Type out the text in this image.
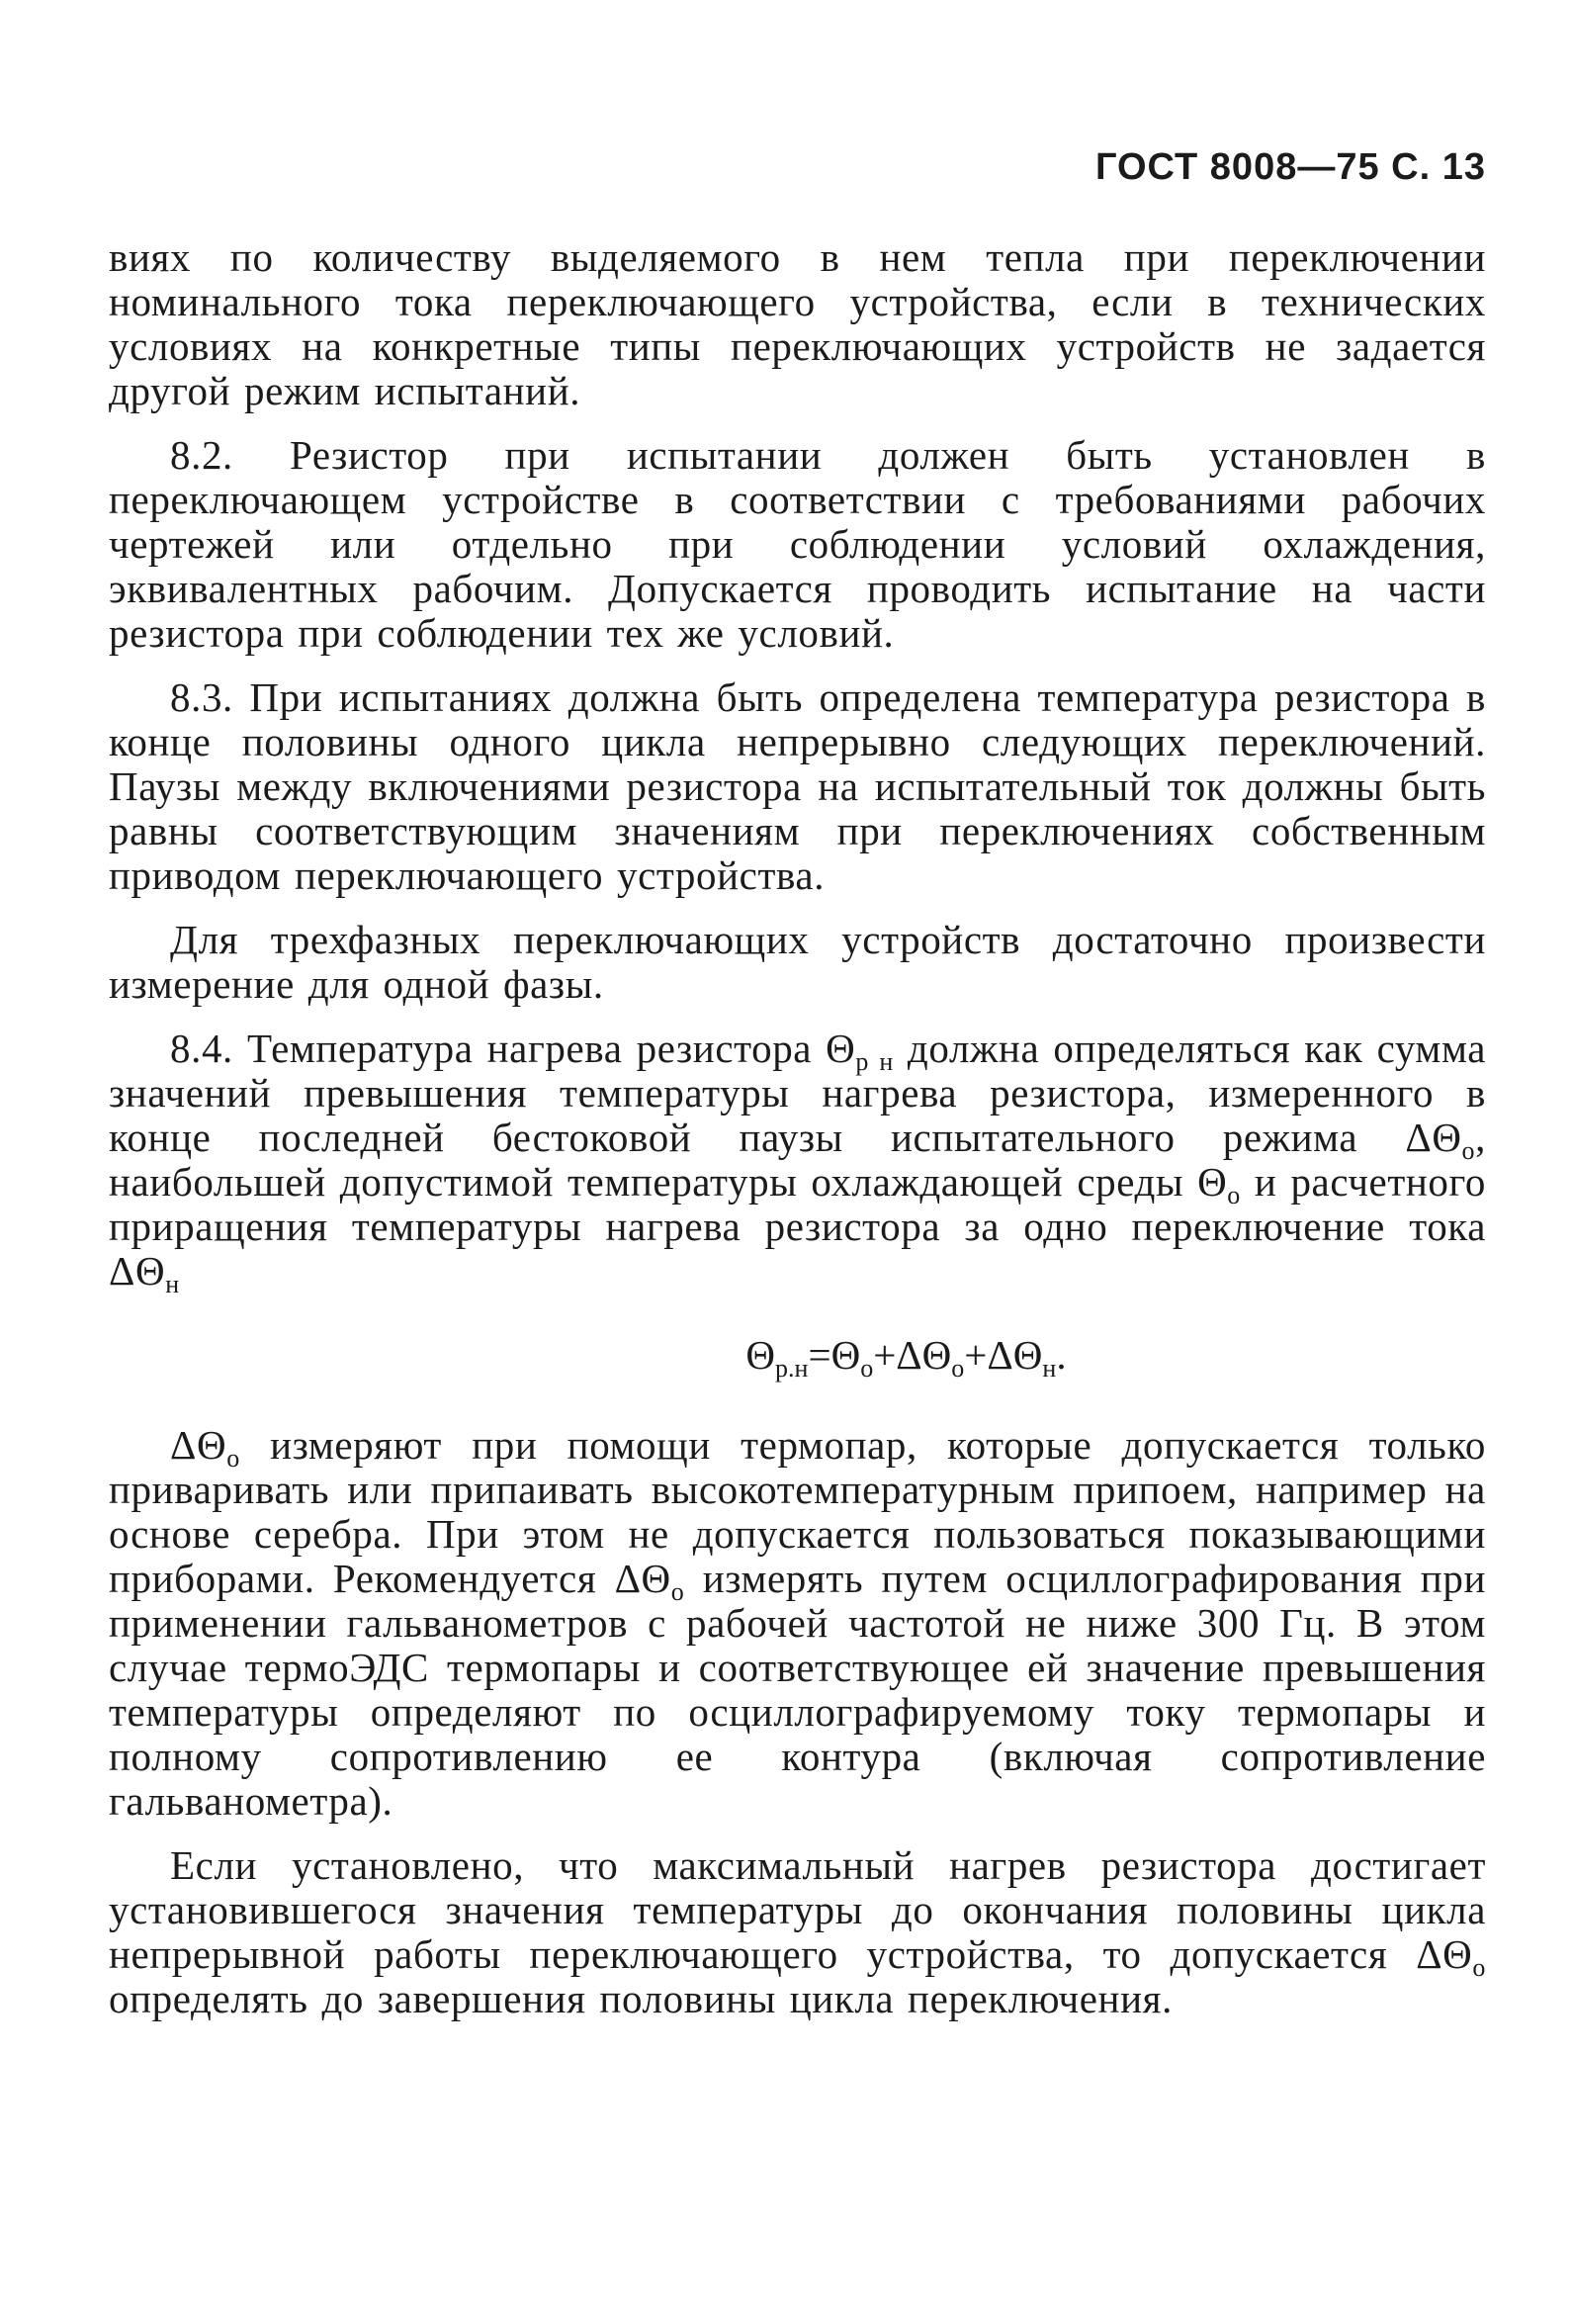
ГОСТ 8008—75 С. 13

виях по количеству выделяемого в нем тепла при переключении номинального тока переключающего устройства, если в технических условиях на конкретные типы переключающих устройств не задается другой режим испытаний.

8.2. Резистор при испытании должен быть установлен в переключающем устройстве в соответствии с требованиями рабочих чертежей или отдельно при соблюдении условий охлаждения, эквивалентных рабочим. Допускается проводить испытание на части резистора при соблюдении тех же условий.

8.3. При испытаниях должна быть определена температура резистора в конце половины одного цикла непрерывно следующих переключений. Паузы между включениями резистора на испытательный ток должны быть равны соответствующим значениям при переключениях собственным приводом переключающего устройства.

Для трехфазных переключающих устройств достаточно произвести измерение для одной фазы.

8.4. Температура нагрева резистора $\Theta_{р н}$ должна определяться как сумма значений превышения температуры нагрева резистора, измеренного в конце последней бестоковой паузы испытательного режима $\Delta\Theta_о$, наибольшей допустимой температуры охлаждающей среды $\Theta_о$ и расчетного приращения температуры нагрева резистора за одно переключение тока $\Delta\Theta_н$

$\Theta_{р.н}=\Theta_о+\Delta\Theta_о+\Delta\Theta_н$.

$\Delta\Theta_о$ измеряют при помощи термопар, которые допускается только приваривать или припаивать высокотемпературным припоем, например на основе серебра. При этом не допускается пользоваться показывающими приборами. Рекомендуется $\Delta\Theta_о$ измерять путем осциллографирования при применении гальванометров с рабочей частотой не ниже 300 Гц. В этом случае термоЭДС термопары и соответствующее ей значение превышения температуры определяют по осциллографируемому току термопары и полному сопротивлению ее контура (включая сопротивление гальванометра).

Если установлено, что максимальный нагрев резистора достигает установившегося значения температуры до окончания половины цикла непрерывной работы переключающего устройства, то допускается $\Delta\Theta_о$ определять до завершения половины цикла переключения.
